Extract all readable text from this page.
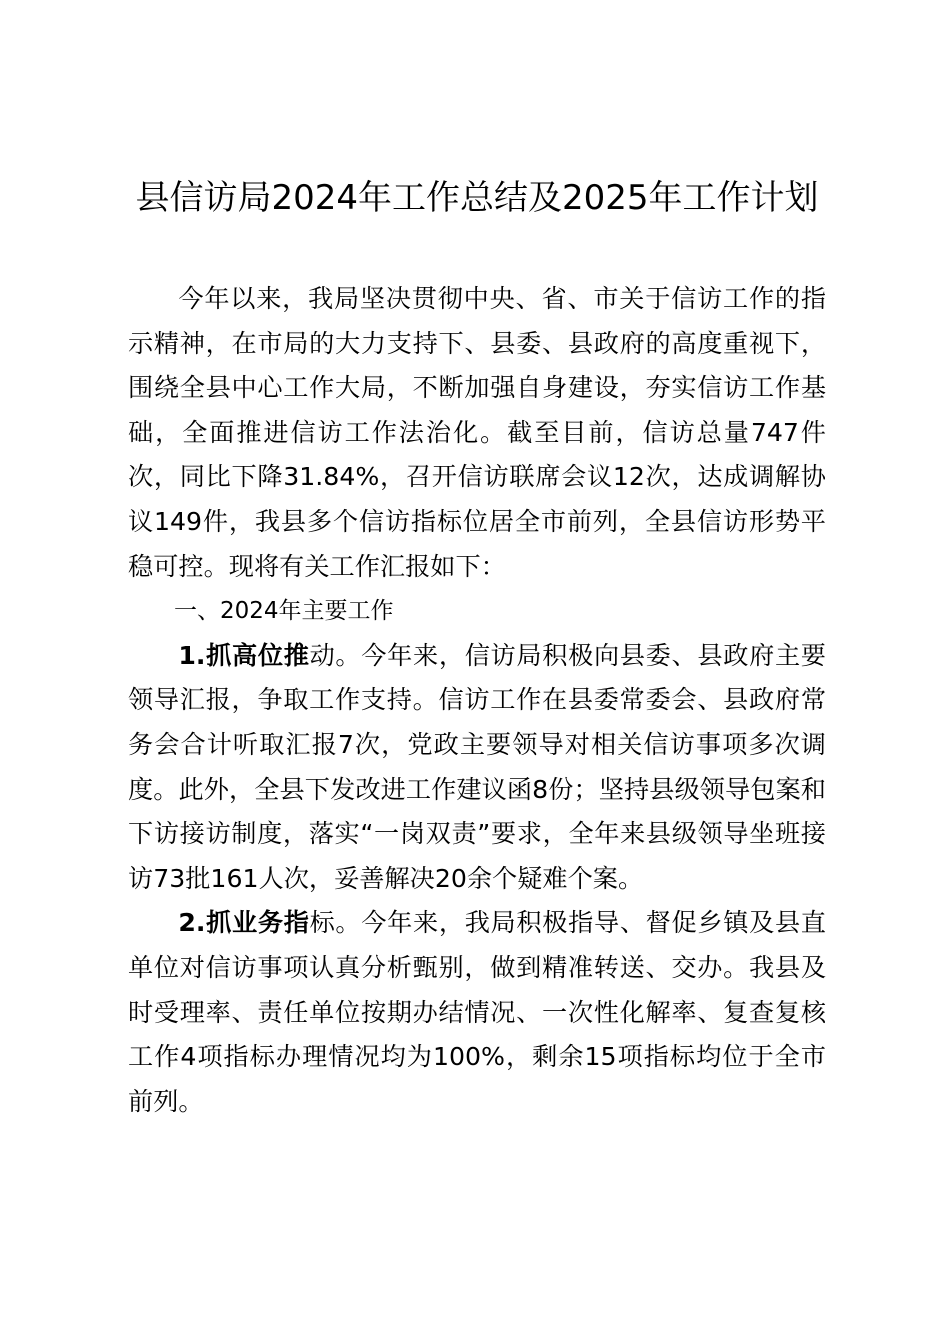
县信访局2024年工作总结及2025年工作计划

今年以来，我局坚决贯彻中央、省、市关于信访工作的指示精神，在市局的大力支持下、县委、县政府的高度重视下，围绕全县中心工作大局，不断加强自身建设，夯实信访工作基础，全面推进信访工作法治化。截至目前，信访总量747件次，同比下降31.84%，召开信访联席会议12次，达成调解协议149件，我县多个信访指标位居全市前列，全县信访形势平稳可控。现将有关工作汇报如下：

一、2024年主要工作

1.抓高位推动。今年来，信访局积极向县委、县政府主要领导汇报，争取工作支持。信访工作在县委常委会、县政府常务会合计听取汇报7次，党政主要领导对相关信访事项多次调度。此外，全县下发改进工作建议函8份；坚持县级领导包案和下访接访制度，落实“一岗双责”要求，全年来县级领导坐班接访73批161人次，妥善解决20余个疑难个案。

2.抓业务指标。今年来，我局积极指导、督促乡镇及县直单位对信访事项认真分析甄别，做到精准转送、交办。我县及时受理率、责任单位按期办结情况、一次性化解率、复查复核工作4项指标办理情况均为100%，剩余15项指标均位于全市前列。
